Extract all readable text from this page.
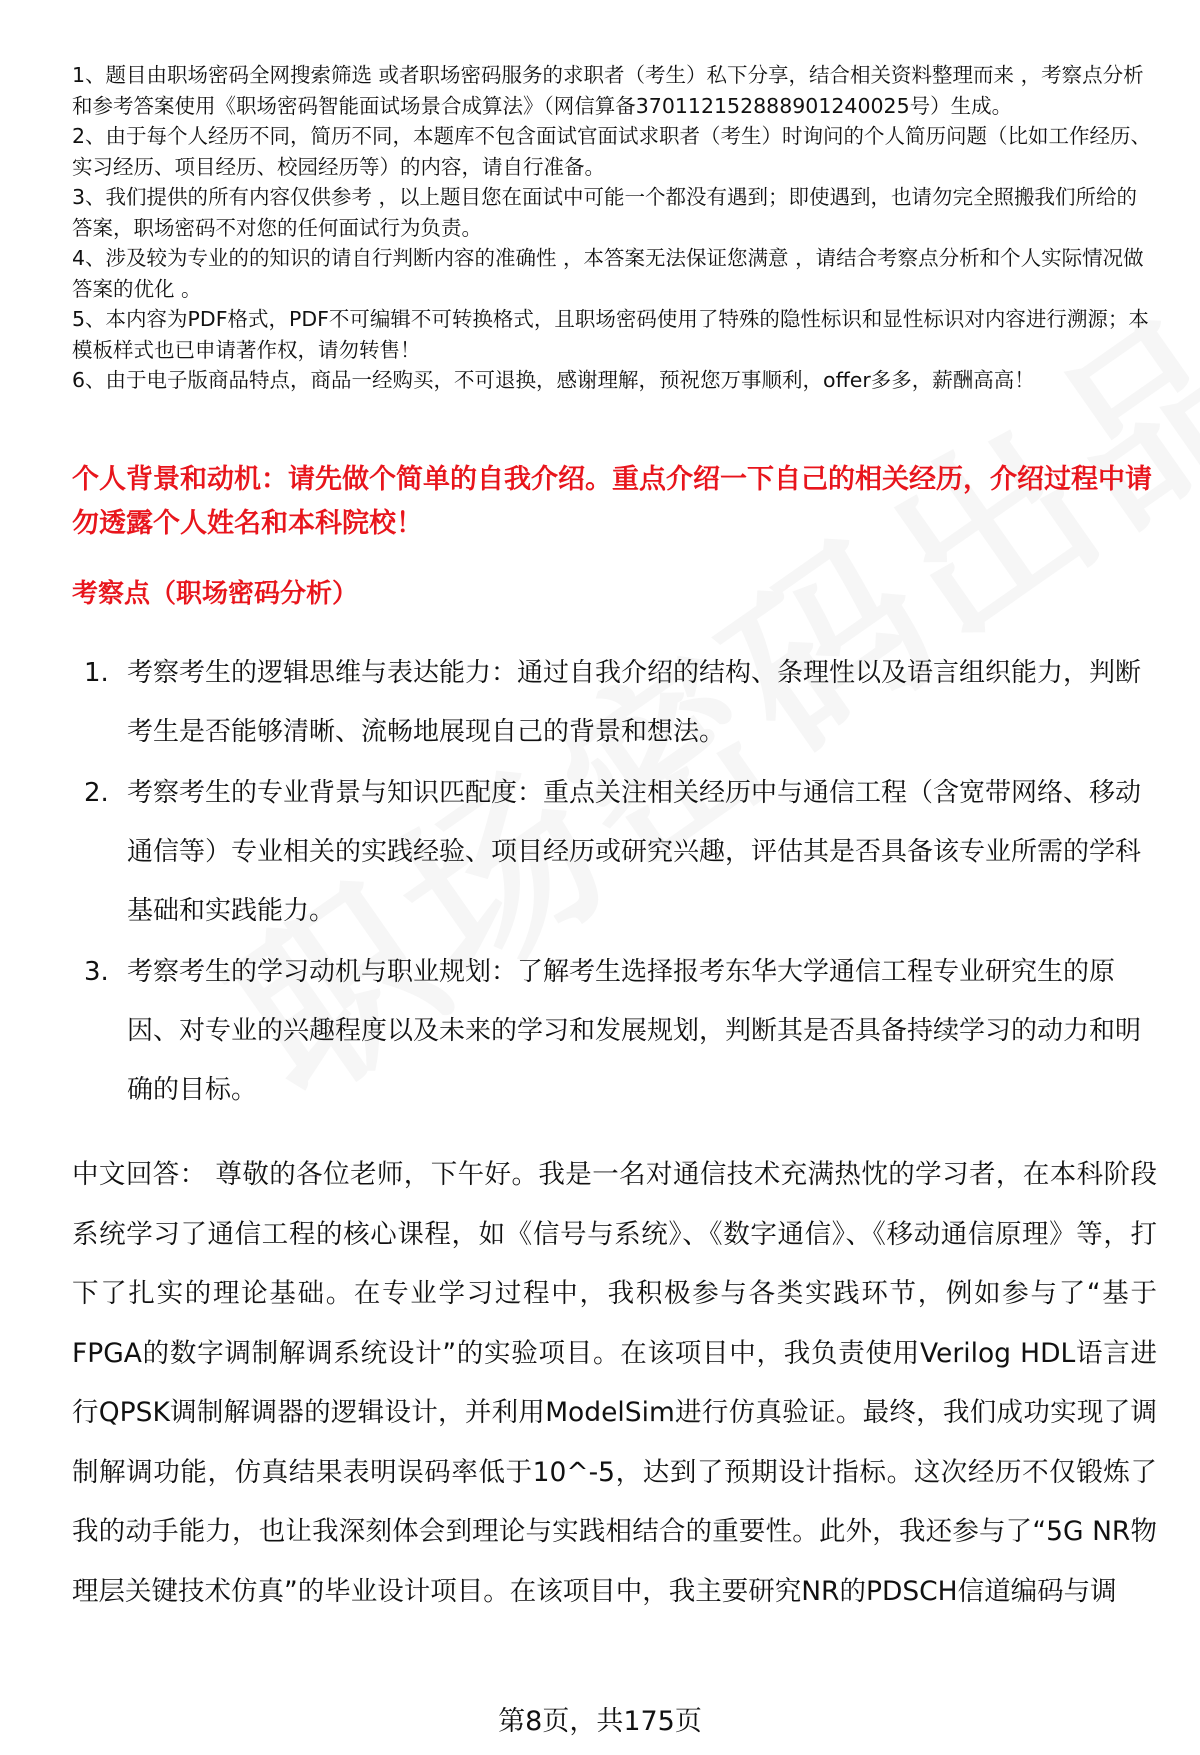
1、题目由职场密码全网搜索筛选 或者职场密码服务的求职者（考生）私下分享，结合相关资料整理而来 ，考察点分析和参考答案使用《职场密码智能面试场景合成算法》（网信算备370112152888901240025号）生成。

2、由于每个人经历不同，简历不同，本题库不包含面试官面试求职者（考生）时询问的个人简历问题（比如工作经历、实习经历、项目经历、校园经历等）的内容，请自行准备。

3、我们提供的所有内容仅供参考 ，以上题目您在面试中可能一个都没有遇到；即使遇到，也请勿完全照搬我们所给的答案，职场密码不对您的任何面试行为负责。

4、涉及较为专业的的知识的请自行判断内容的准确性 ，本答案无法保证您满意 ，请结合考察点分析和个人实际情况做答案的优化 。

5、本内容为PDF格式，PDF不可编辑不可转换格式，且职场密码使用了特殊的隐性标识和显性标识对内容进行溯源；本模板样式也已申请著作权，请勿转售！

6、由于电子版商品特点，商品一经购买，不可退换，感谢理解，预祝您万事顺利，offer多多，薪酬高高！

个人背景和动机：请先做个简单的自我介绍。重点介绍一下自己的相关经历，介绍过程中请勿透露个人姓名和本科院校！
考察点（职场密码分析）
1. 考察考生的逻辑思维与表达能力：通过自我介绍的结构、条理性以及语言组织能力，判断考生是否能够清晰、流畅地展现自己的背景和想法。
2. 考察考生的专业背景与知识匹配度：重点关注相关经历中与通信工程（含宽带网络、移动通信等）专业相关的实践经验、项目经历或研究兴趣，评估其是否具备该专业所需的学科基础和实践能力。
3. 考察考生的学习动机与职业规划：了解考生选择报考东华大学通信工程专业研究生的原因、对专业的兴趣程度以及未来的学习和发展规划，判断其是否具备持续学习的动力和明确的目标。

中文回答： 尊敬的各位老师，下午好。我是一名对通信技术充满热忱的学习者，在本科阶段系统学习了通信工程的核心课程，如《信号与系统》、《数字通信》、《移动通信原理》等，打下了扎实的理论基础。在专业学习过程中，我积极参与各类实践环节，例如参与了“基于FPGA的数字调制解调系统设计”的实验项目。在该项目中，我负责使用Verilog HDL语言进行QPSK调制解调器的逻辑设计，并利用ModelSim进行仿真验证。最终，我们成功实现了调制解调功能，仿真结果表明误码率低于10^-5，达到了预期设计指标。这次经历不仅锻炼了我的动手能力，也让我深刻体会到理论与实践相结合的重要性。此外，我还参与了“5G NR物理层关键技术仿真”的毕业设计项目。在该项目中，我主要研究NR的PDSCH信道编码与调

第8页，共175页
